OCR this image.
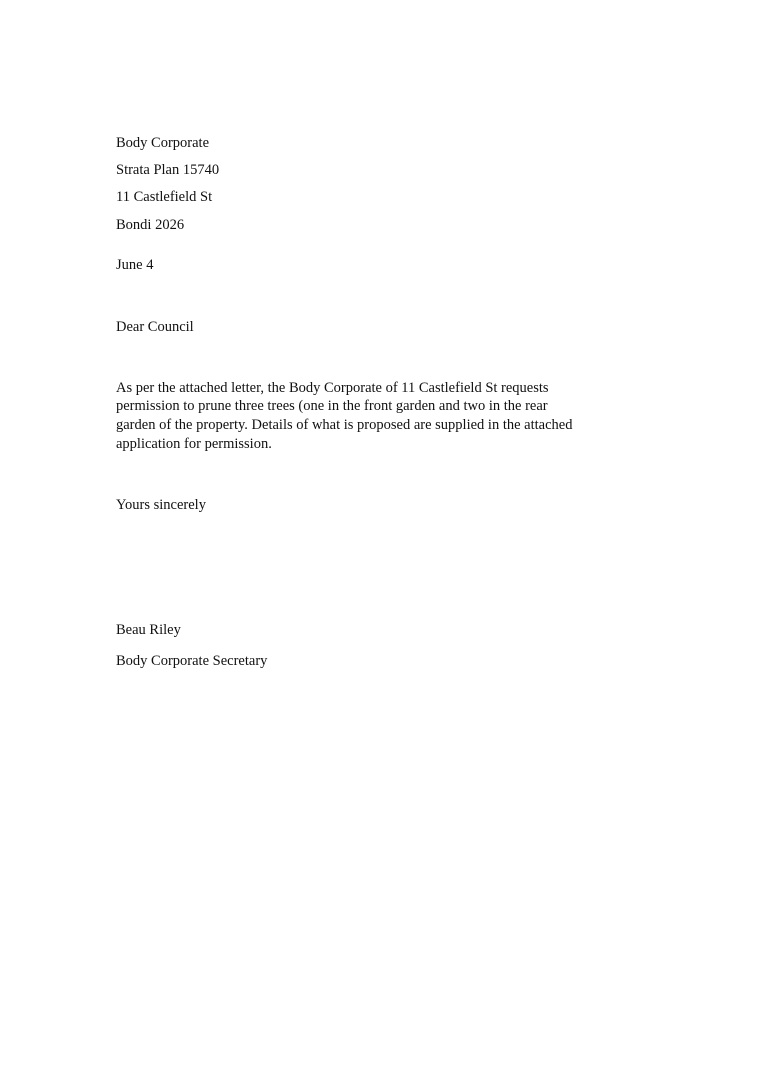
Body Corporate
Strata Plan 15740
11 Castlefield St
Bondi 2026
June 4
Dear Council
As per the attached letter, the Body Corporate of 11 Castlefield St requests
permission to prune three trees (one in the front garden and two in the rear
garden of the property. Details of what is proposed are supplied in the attached
application for permission.
Yours sincerely
Beau Riley
Body Corporate Secretary
